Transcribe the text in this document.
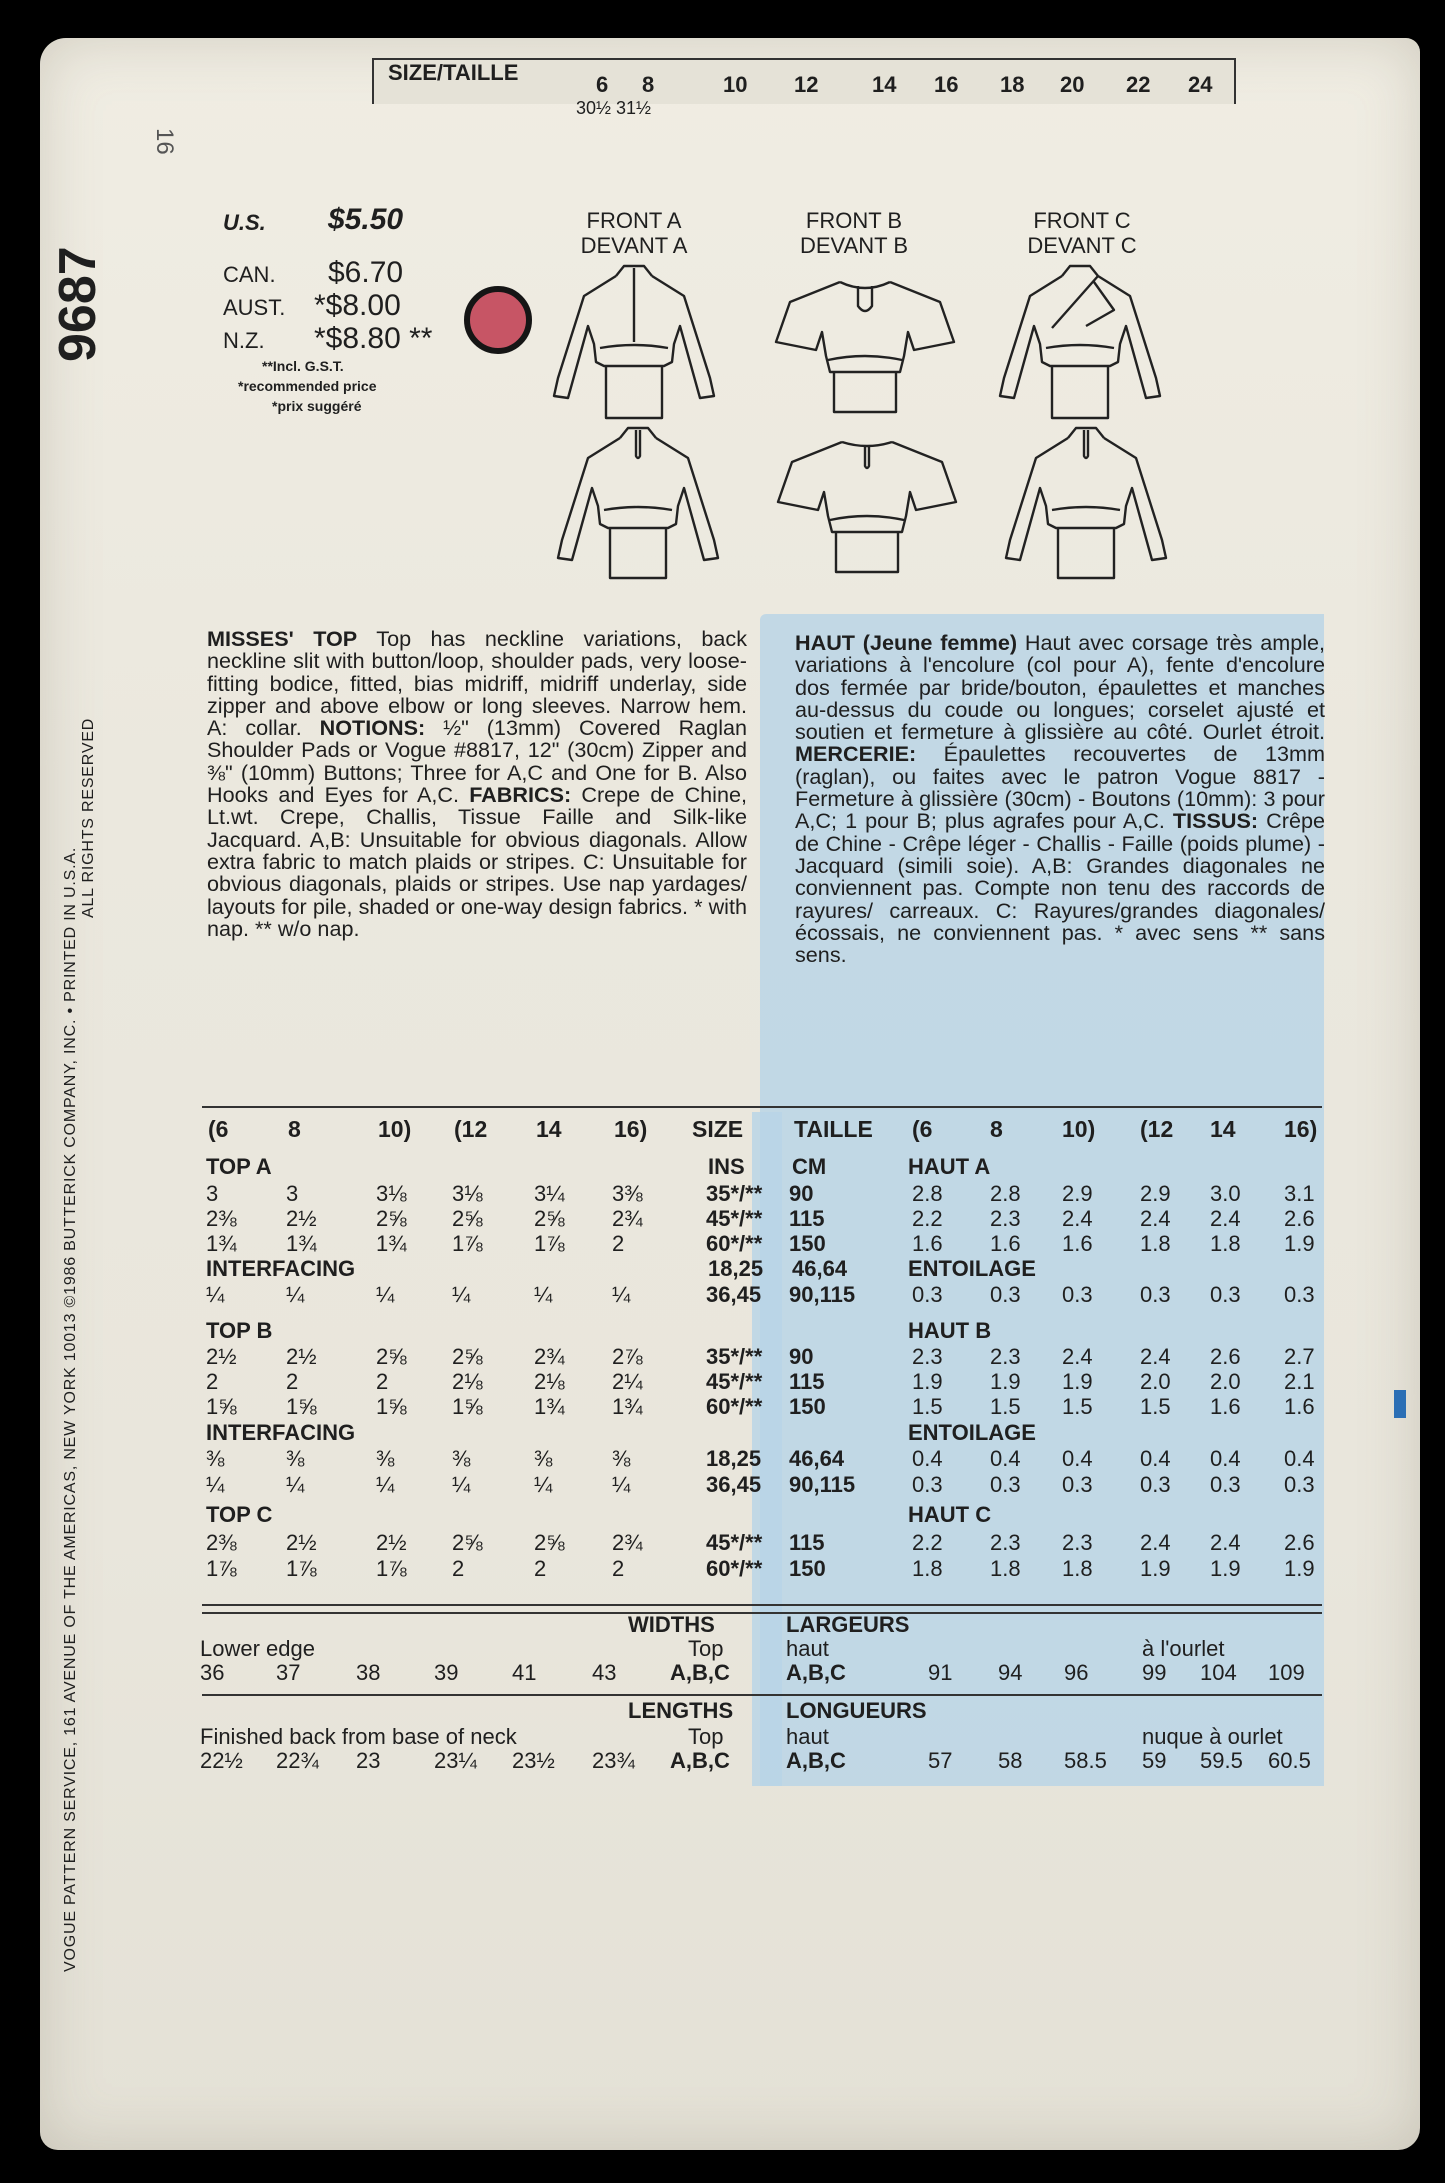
SIZE/TAILLE	6 8	10 12 14 16 18 20 22 24
30½ 31½
9687
16
VOGUE PATTERN SERVICE, 161 AVENUE OF THE AMERICAS, NEW YORK 10013 ©1986 BUTTERICK COMPANY, INC. • PRINTED IN U.S.A.
ALL RIGHTS RESERVED
U.S. $5.50
CAN. $6.70
AUST. *$8.00
N.Z. *$8.80 **
**Incl. G.S.T.
*recommended price
*prix suggéré
FRONT A
DEVANT A
FRONT B
DEVANT B
FRONT C
DEVANT C
MISSES' TOP Top has neckline variations, back neckline slit with button/loop, shoulder pads, very loose-fitting bodice, fitted, bias midriff, midriff underlay, side zipper and above elbow or long sleeves. Narrow hem. A: collar. NOTIONS: ½" (13mm) Covered Raglan Shoulder Pads or Vogue #8817, 12" (30cm) Zipper and ⅜" (10mm) Buttons; Three for A,C and One for B. Also Hooks and Eyes for A,C. FABRICS: Crepe de Chine, Lt.wt. Crepe, Challis, Tissue Faille and Silk-like Jacquard. A,B: Unsuitable for obvious diagonals. Allow extra fabric to match plaids or stripes. C: Unsuitable for obvious diagonals, plaids or stripes. Use nap yardages/ layouts for pile, shaded or one-way design fabrics. * with nap. ** w/o nap.
HAUT (Jeune femme) Haut avec corsage très ample, variations à l'encolure (col pour A), fente d'encolure dos fermée par bride/bouton, épaulettes et manches au-dessus du coude ou longues; corselet ajusté et soutien et fermeture à glissière au côté. Ourlet étroit. MERCERIE: Épaulettes recouvertes de 13mm (raglan), ou faites avec le patron Vogue 8817 - Fermeture à glissière (30cm) - Boutons (10mm): 3 pour A,C; 1 pour B; plus agrafes pour A,C. TISSUS: Crêpe de Chine - Crêpe léger - Challis - Faille (poids plume) - Jacquard (simili soie). A,B: Grandes diagonales ne conviennent pas. Compte non tenu des raccords de rayures/ carreaux. C: Rayures/grandes diagonales/écossais, ne conviennent pas. * avec sens ** sans sens.
(6	8	10) (12 14 16) SIZE TAILLE (6	8	10) (12 14 16)
TOP A	INS CM	HAUT A
3	3	3⅛ 3⅛ 3¼ 3⅜	35*/** 90	2.8 2.8 2.9 2.9 3.0 3.1
2⅜ 2½	2⅝ 2⅝ 2⅝ 2¾	45*/** 115	2.2 2.3 2.4 2.4 2.4 2.6
1¾ 1¾	1¾ 1⅞ 1⅞ 2	60*/** 150	1.6 1.6 1.6 1.8 1.8 1.9
INTERFACING	18,25 46,64	ENTOILAGE
¼	¼	¼	¼	¼	¼	36,45 90,115	0.3 0.3 0.3 0.3 0.3 0.3
TOP B	HAUT B
2½ 2½	2⅝ 2⅝ 2¾ 2⅞	35*/** 90	2.3 2.3 2.4 2.4 2.6 2.7
2	2	2	2⅛ 2⅛ 2¼	45*/** 115	1.9 1.9 1.9 2.0 2.0 2.1
1⅝ 1⅝	1⅝ 1⅝ 1¾ 1¾	60*/** 150	1.5 1.5 1.5 1.5 1.6 1.6
INTERFACING	ENTOILAGE
⅜	⅜	⅜	⅜	⅜	⅜	18,25 46,64	0.4 0.4 0.4 0.4 0.4 0.4
¼	¼	¼	¼	¼	¼	36,45 90,115	0.3 0.3 0.3 0.3 0.3 0.3
TOP C	HAUT C
2⅜ 2½	2½ 2⅝ 2⅝ 2¾	45*/** 115	2.2 2.3 2.3 2.4 2.4 2.6
1⅞ 1⅞	1⅞ 2	2	2	60*/** 150	1.8 1.8 1.8 1.9 1.9 1.9
WIDTHS	LARGEURS
Lower edge	Top	haut	à l'ourlet
36 37	38 39 41	43 A,B,C	A,B,C	91 94 96 99 104 109
LENGTHS LONGUEURS
Finished back from base of neck	Top	haut	nuque à ourlet
22½ 22¾ 23 23¼ 23½ 23¾ A,B,C	A,B,C	57 58 58.5 59 59.5 60.5
